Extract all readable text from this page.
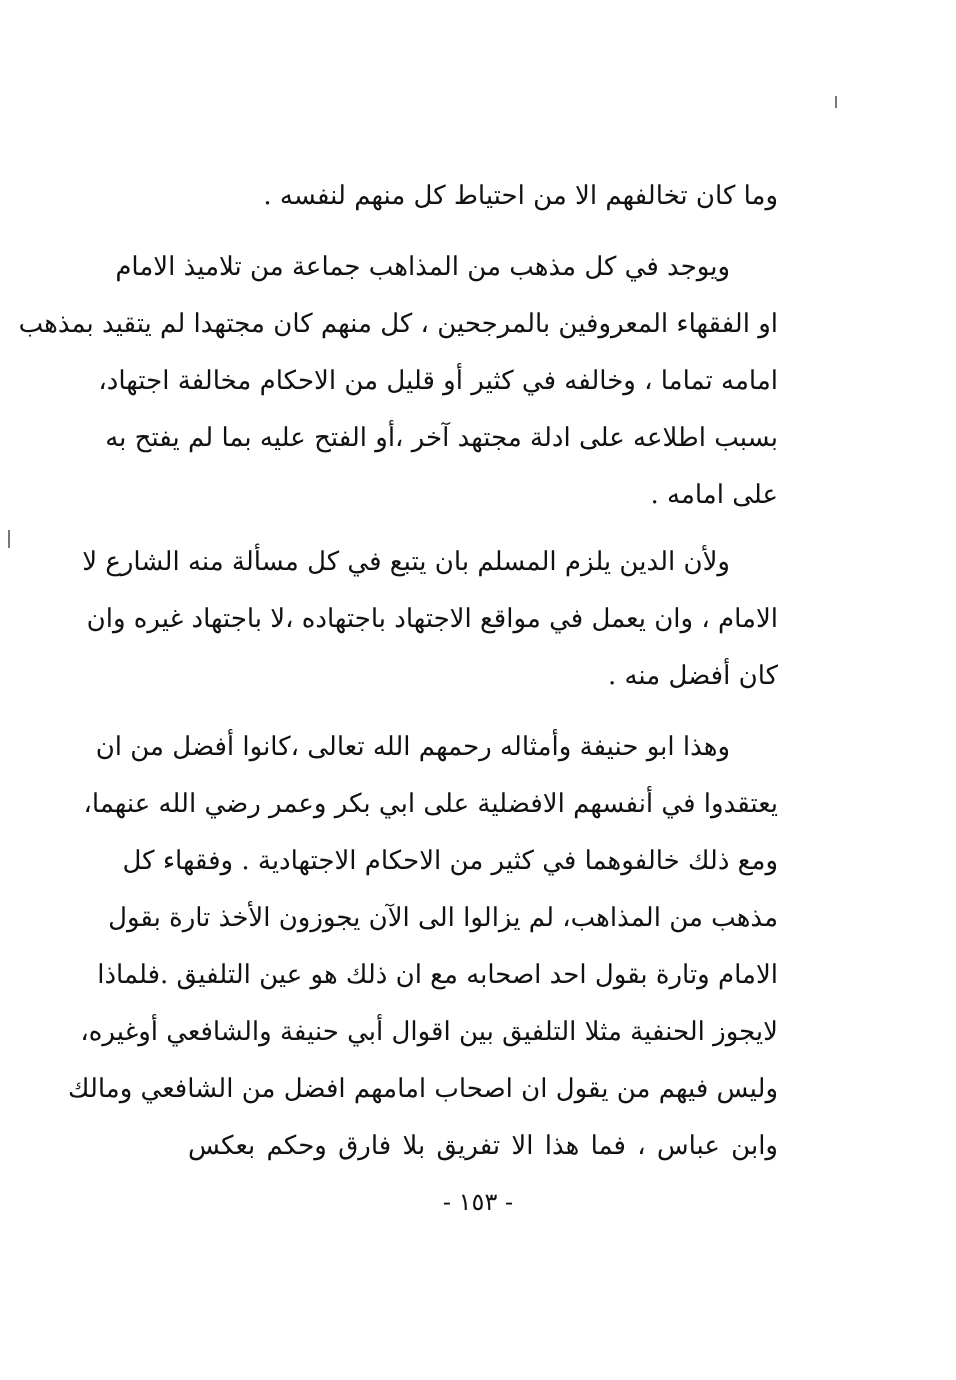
وما كان تخالفهم الا من احتياط كل منهم لنفسه .
ويوجد في كل مذهب من المذاهب جماعة من تلاميذ الامام
او الفقهاء المعروفين بالمرجحين ، كل منهم كان مجتهدا لم يتقيد بمذهب
امامه تماما ، وخالفه في كثير أو قليل من الاحكام مخالفة اجتهاد،
بسبب اطلاعه على ادلة مجتهد آخر ،أو الفتح عليه بما لم يفتح به
على امامه .
ولأن الدين يلزم المسلم بان يتبع في كل مسألة منه الشارع لا
الامام ، وان يعمل في مواقع الاجتهاد باجتهاده ،لا باجتهاد غيره وان
كان أفضل منه .
وهذا ابو حنيفة وأمثاله رحمهم الله تعالى ،كانوا أفضل من ان
يعتقدوا في أنفسهم الافضلية على ابي بكر وعمر رضي الله عنهما،
ومع ذلك خالفوهما في كثير من الاحكام الاجتهادية . وفقهاء كل
مذهب من المذاهب، لم يزالوا الى الآن يجوزون الأخذ تارة بقول
الامام وتارة بقول احد اصحابه مع ان ذلك هو عين التلفيق .فلماذا
لايجوز الحنفية مثلا التلفيق بين اقوال أبي حنيفة والشافعي أوغيره،
وليس فيهم من يقول ان اصحاب امامهم افضل من الشافعي ومالك
وابن عباس ، فما هذا الا تفريق بلا فارق وحكم بعكس
- ١٥٣ -
